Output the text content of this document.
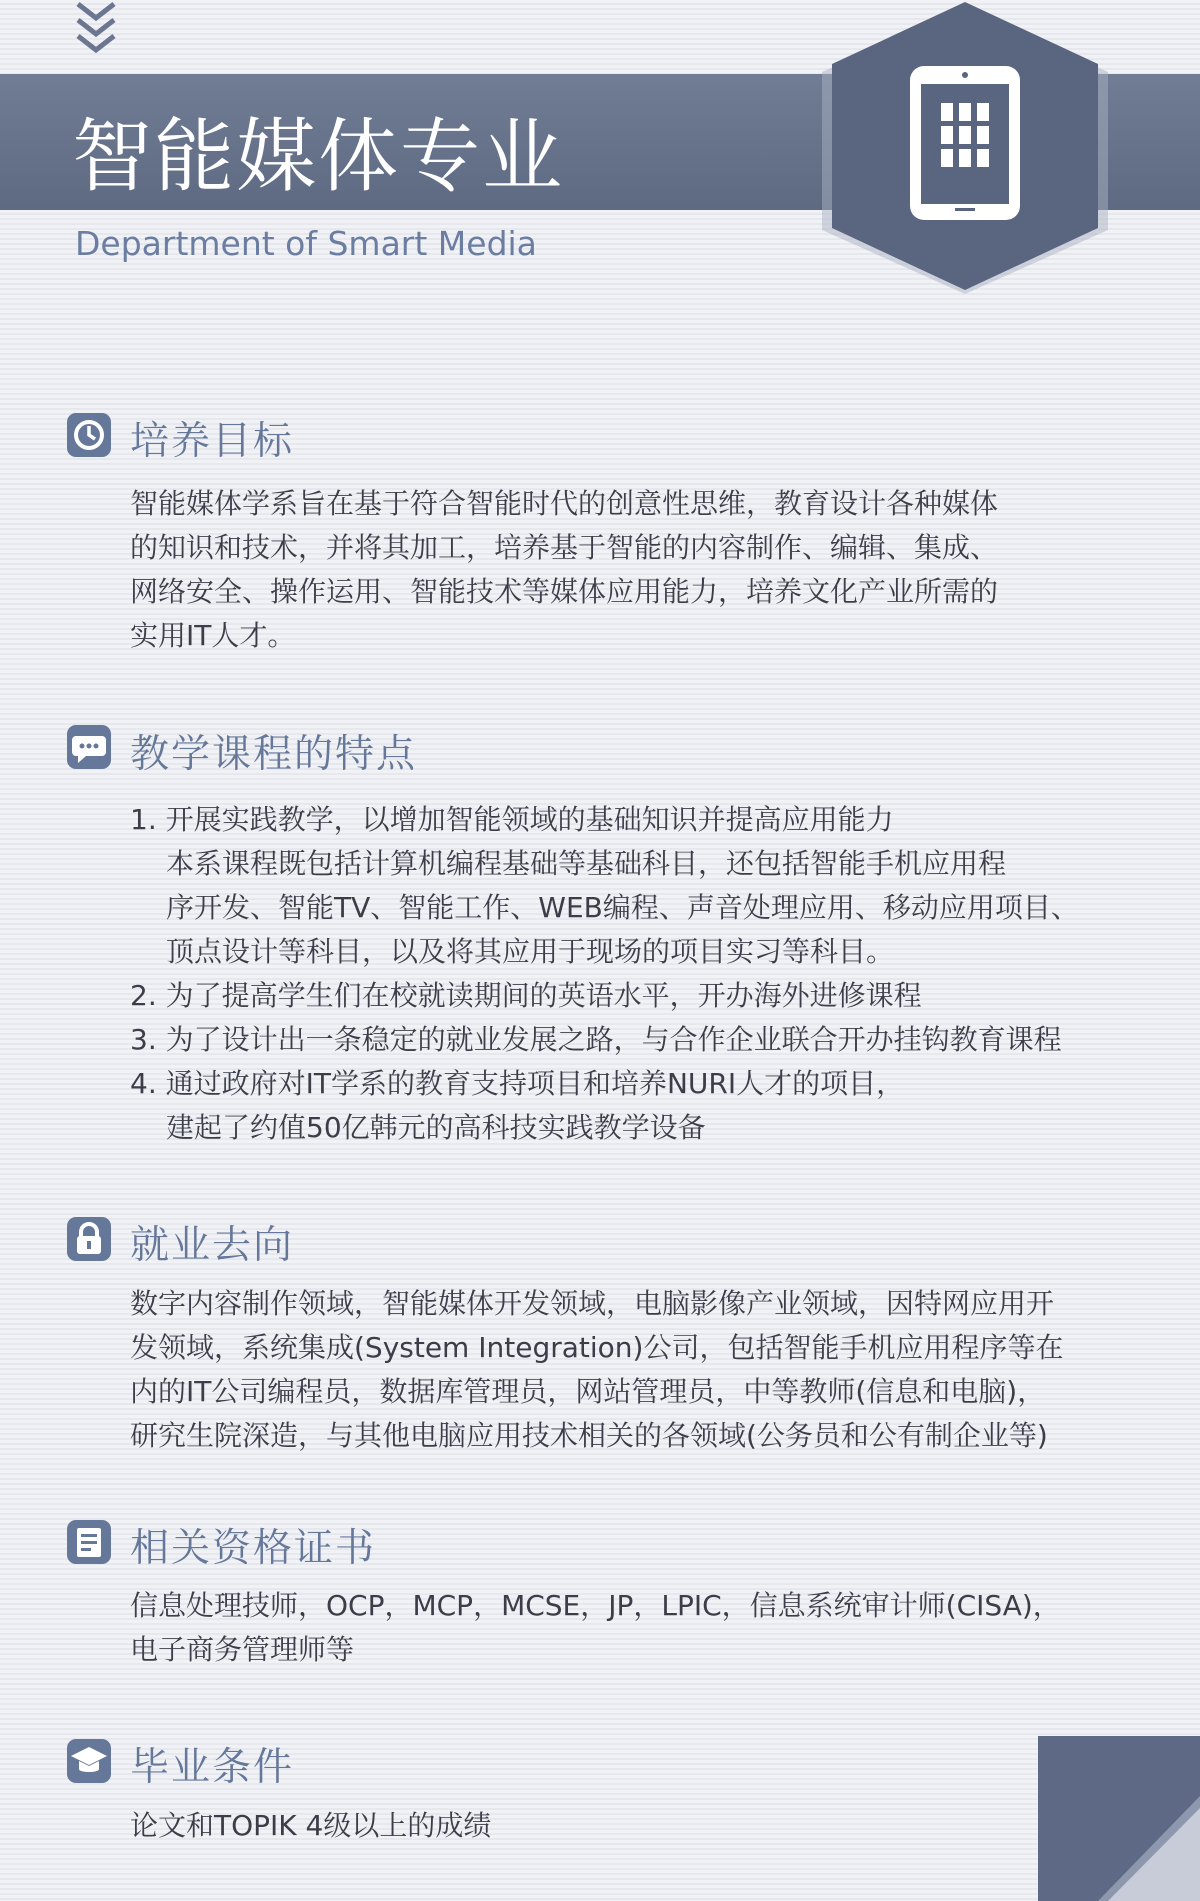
智能媒体专业
Department of Smart Media
培养目标
智能媒体学系旨在基于符合智能时代的创意性思维，教育设计各种媒体
的知识和技术，并将其加工，培养基于智能的内容制作、编辑、集成、
网络安全、操作运用、智能技术等媒体应用能力，培养文化产业所需的
实用IT人才。
教学课程的特点
1. 开展实践教学，以增加智能领域的基础知识并提高应用能力
本系课程既包括计算机编程基础等基础科目，还包括智能手机应用程
序开发、智能TV、智能工作、WEB编程、声音处理应用、移动应用项目、
顶点设计等科目，以及将其应用于现场的项目实习等科目。
2. 为了提高学生们在校就读期间的英语水平，开办海外进修课程
3. 为了设计出一条稳定的就业发展之路，与合作企业联合开办挂钩教育课程
4. 通过政府对IT学系的教育支持项目和培养NURI人才的项目，
建起了约值50亿韩元的高科技实践教学设备
就业去向
数字内容制作领域，智能媒体开发领域，电脑影像产业领域，因特网应用开
发领域，系统集成(System Integration)公司，包括智能手机应用程序等在
内的IT公司编程员，数据库管理员，网站管理员，中等教师(信息和电脑)，
研究生院深造，与其他电脑应用技术相关的各领域(公务员和公有制企业等)
相关资格证书
信息处理技师，OCP，MCP，MCSE，JP，LPIC，信息系统审计师(CISA)，
电子商务管理师等
毕业条件
论文和TOPIK 4级以上的成绩
